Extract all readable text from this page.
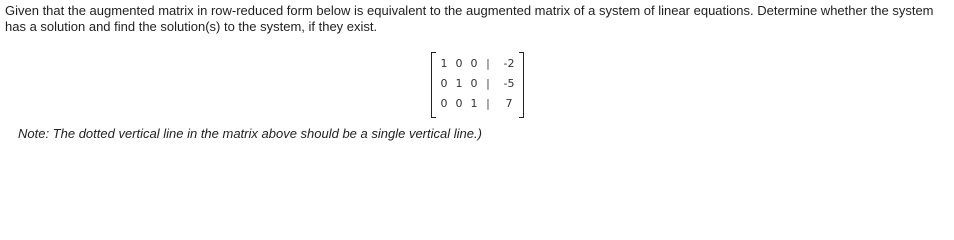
Given that the augmented matrix in row-reduced form below is equivalent to the augmented matrix of a system of linear equations. Determine whether the system has a solution and find the solution(s) to the system, if they exist.
1 0 0 |	-2
0 1 0 |	-5
0 0 1 |	7
Note: The dotted vertical line in the matrix above should be a single vertical line.)
